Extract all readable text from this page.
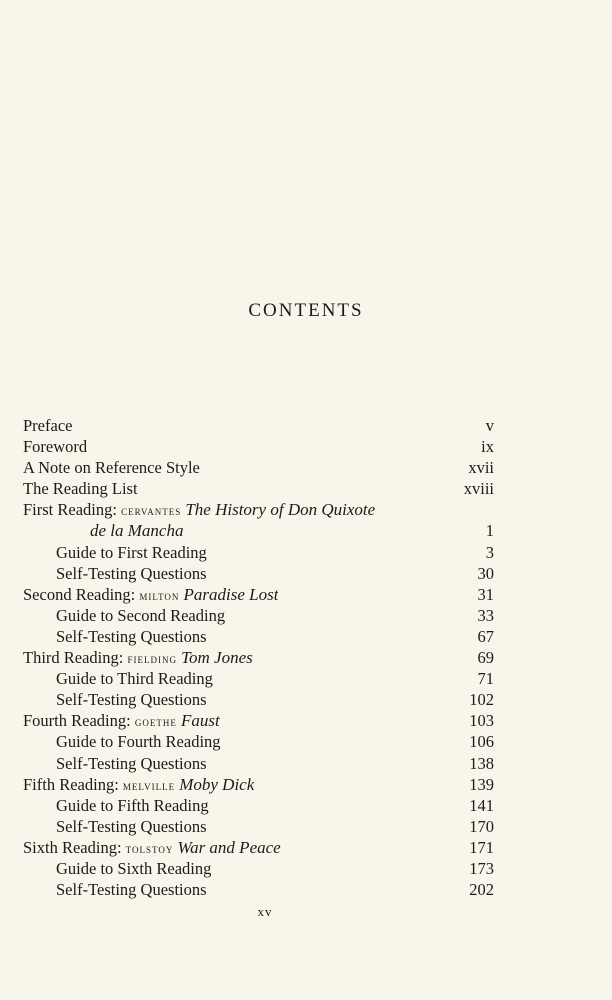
CONTENTS
Preface	v
Foreword	ix
A Note on Reference Style	xvii
The Reading List	xviii
First Reading: cervantes The History of Don Quixote
de la Mancha	1
Guide to First Reading	3
Self-Testing Questions	30
Second Reading: milton Paradise Lost	31
Guide to Second Reading	33
Self-Testing Questions	67
Third Reading: fielding Tom Jones	69
Guide to Third Reading	71
Self-Testing Questions	102
Fourth Reading: goethe Faust	103
Guide to Fourth Reading	106
Self-Testing Questions	138
Fifth Reading: melville Moby Dick	139
Guide to Fifth Reading	141
Self-Testing Questions	170
Sixth Reading: tolstoy War and Peace	171
Guide to Sixth Reading	173
Self-Testing Questions	202
xv
